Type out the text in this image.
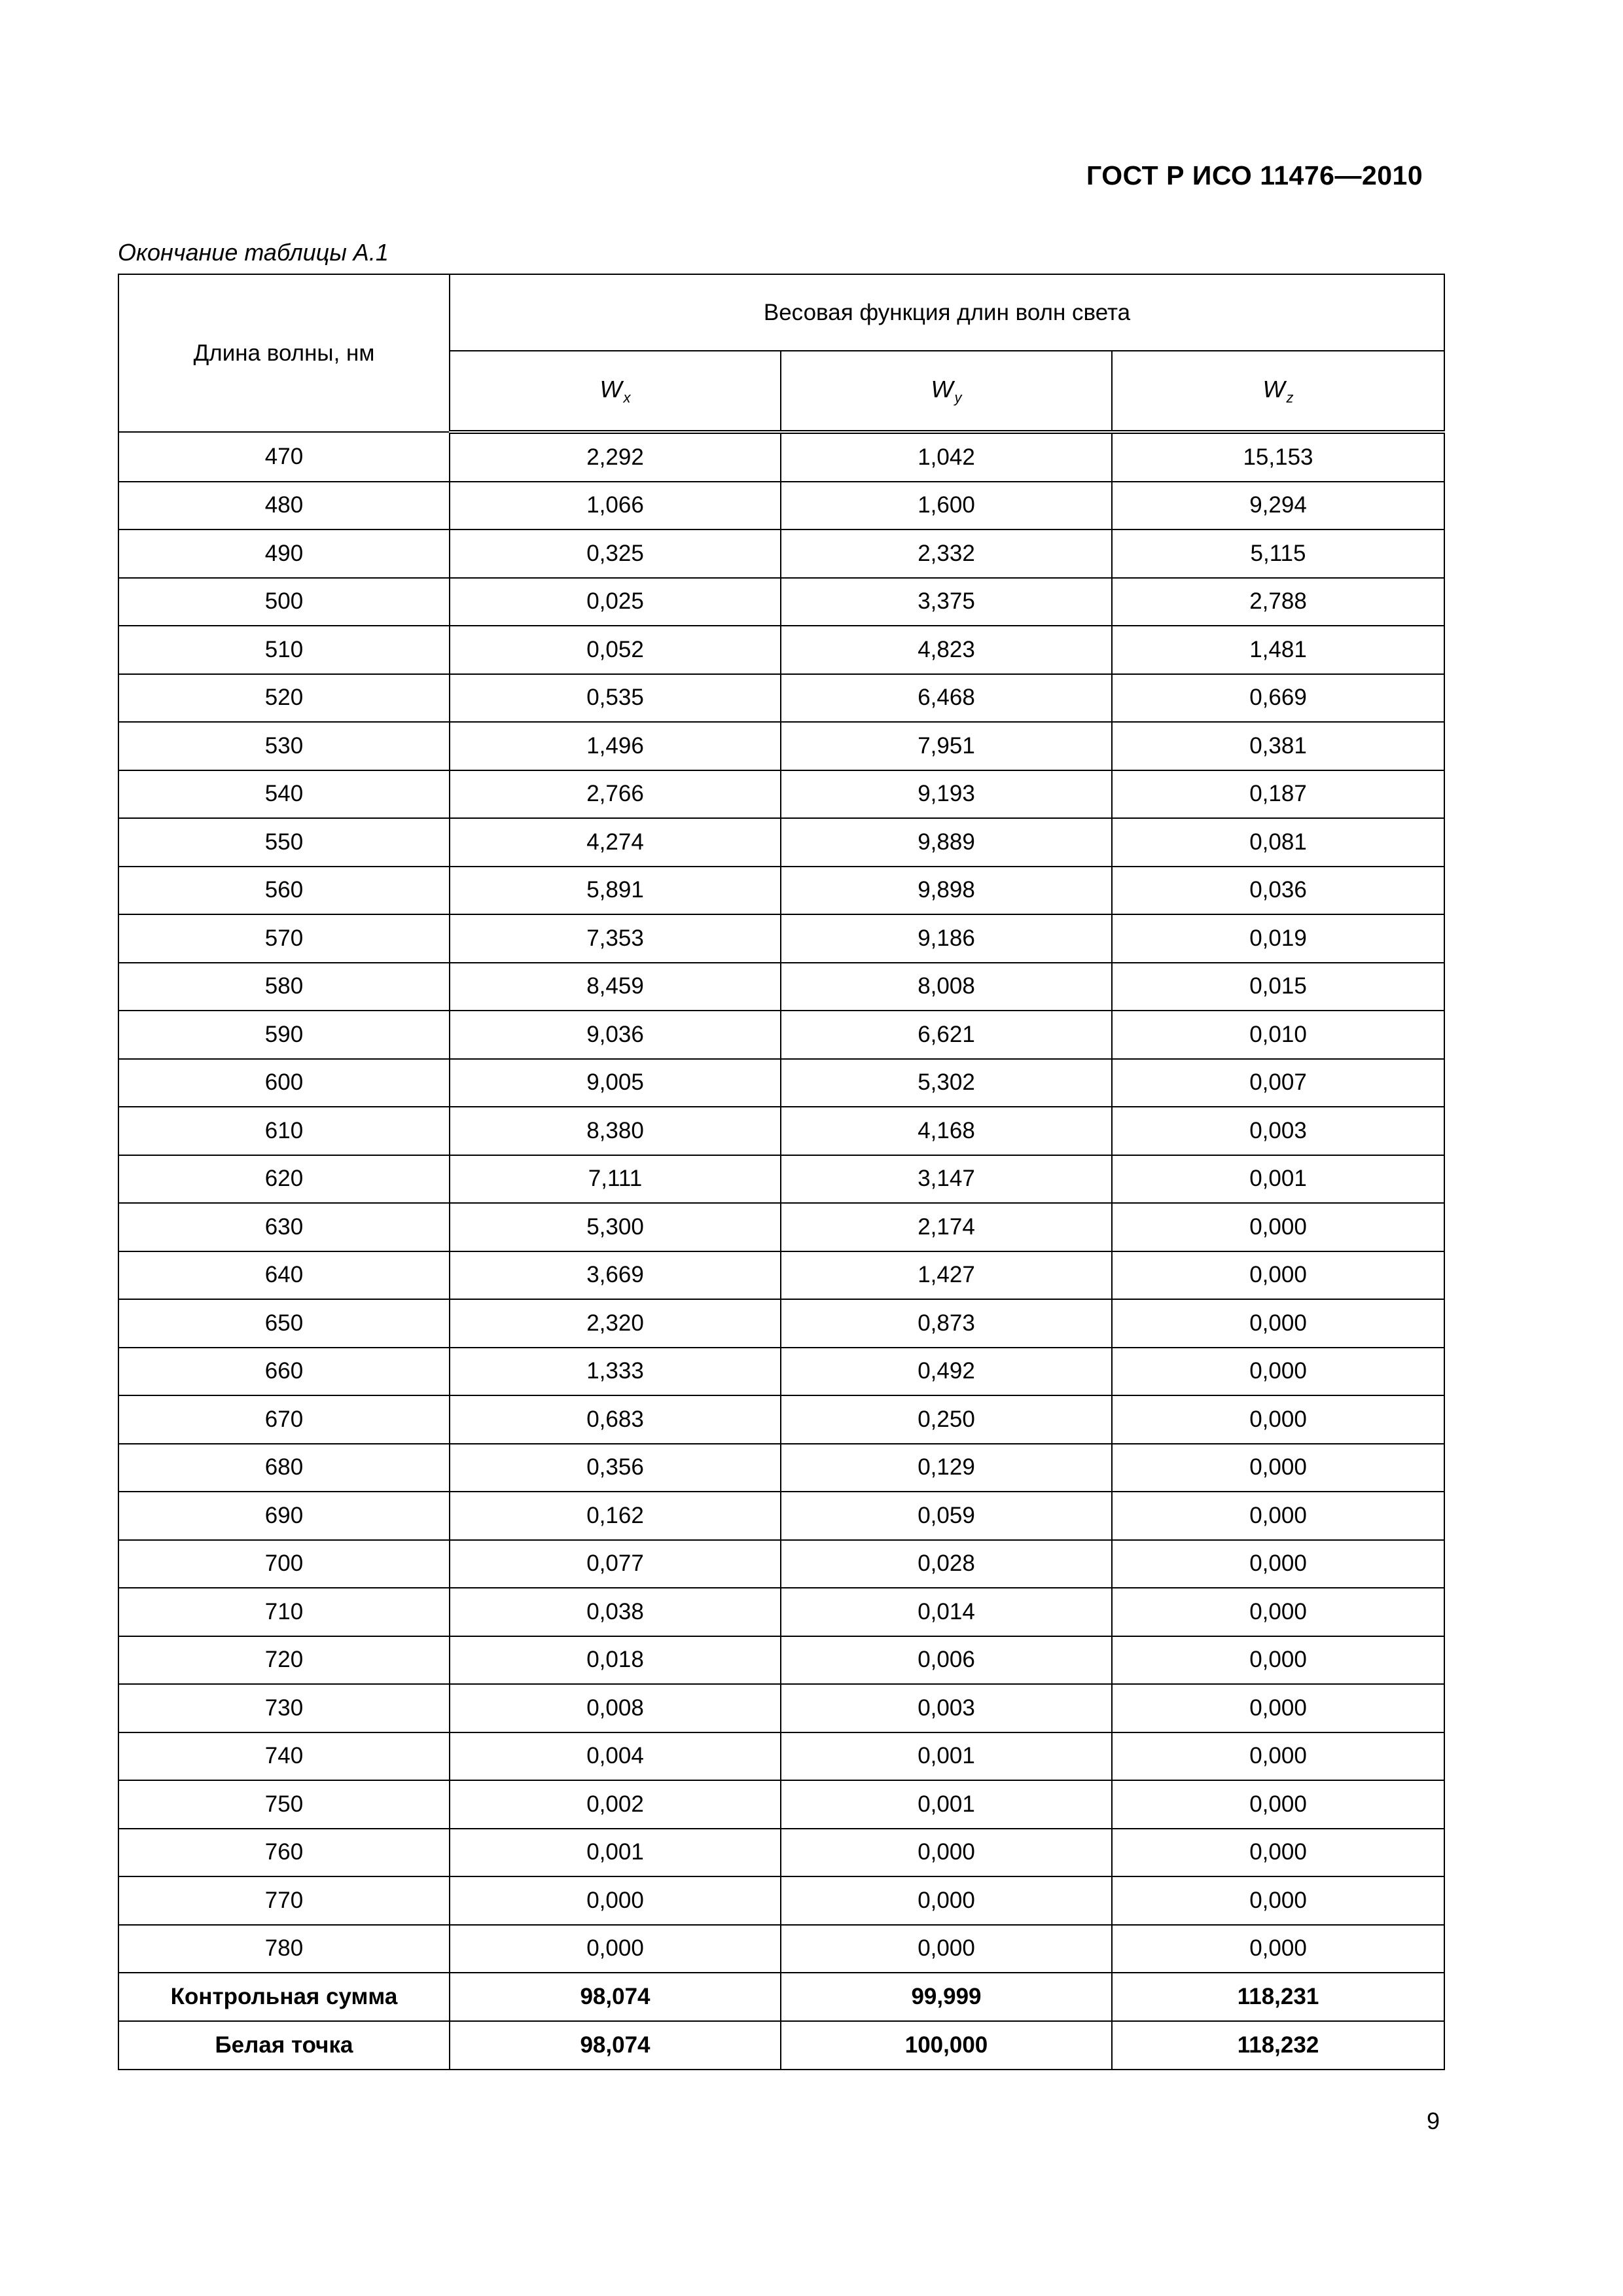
ГОСТ Р ИСО 11476—2010
Окончание таблицы А.1
Длина волны, нм	Весовая функция длин волн света		
	$W_x$	$W_y$	$W_z$
470	2,292	1,042	15,153
480	1,066	1,600	9,294
490	0,325	2,332	5,115
500	0,025	3,375	2,788
510	0,052	4,823	1,481
520	0,535	6,468	0,669
530	1,496	7,951	0,381
540	2,766	9,193	0,187
550	4,274	9,889	0,081
560	5,891	9,898	0,036
570	7,353	9,186	0,019
580	8,459	8,008	0,015
590	9,036	6,621	0,010
600	9,005	5,302	0,007
610	8,380	4,168	0,003
620	7,111	3,147	0,001
630	5,300	2,174	0,000
640	3,669	1,427	0,000
650	2,320	0,873	0,000
660	1,333	0,492	0,000
670	0,683	0,250	0,000
680	0,356	0,129	0,000
690	0,162	0,059	0,000
700	0,077	0,028	0,000
710	0,038	0,014	0,000
720	0,018	0,006	0,000
730	0,008	0,003	0,000
740	0,004	0,001	0,000
750	0,002	0,001	0,000
760	0,001	0,000	0,000
770	0,000	0,000	0,000
780	0,000	0,000	0,000
Контрольная сумма	98,074	99,999	118,231
Белая точка	98,074	100,000	118,232
9
